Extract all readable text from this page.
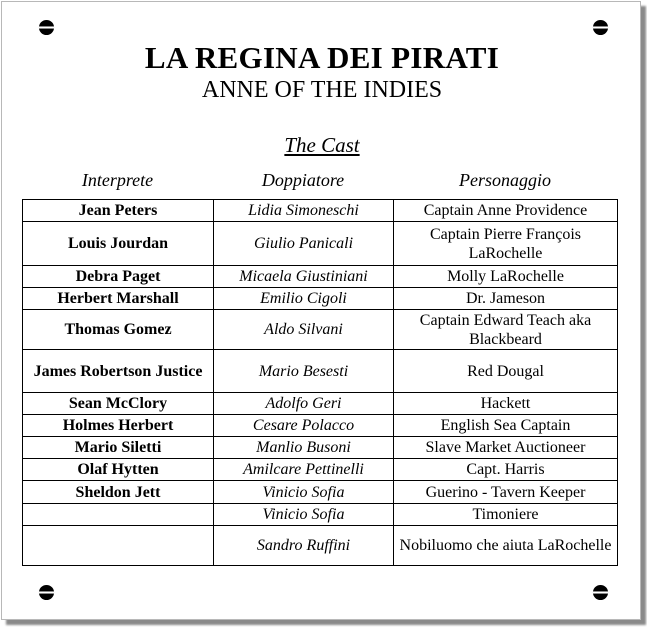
LA REGINA DEI PIRATI
ANNE OF THE INDIES
The Cast
Interprete	Doppiatore	Personaggio
Jean Peters	Lidia Simoneschi	Captain Anne Providence
Louis Jourdan	Giulio Panicali	Captain Pierre François LaRochelle
Debra Paget	Micaela Giustiniani	Molly LaRochelle
Herbert Marshall	Emilio Cigoli	Dr. Jameson
Thomas Gomez	Aldo Silvani	Captain Edward Teach aka Blackbeard
James Robertson Justice	Mario Besesti	Red Dougal
Sean McClory	Adolfo Geri	Hackett
Holmes Herbert	Cesare Polacco	English Sea Captain
Mario Siletti	Manlio Busoni	Slave Market Auctioneer
Olaf Hytten	Amilcare Pettinelli	Capt. Harris
Sheldon Jett	Vinicio Sofia	Guerino - Tavern Keeper
	Vinicio Sofia	Timoniere
	Sandro Ruffini	Nobiluomo che aiuta LaRochelle
